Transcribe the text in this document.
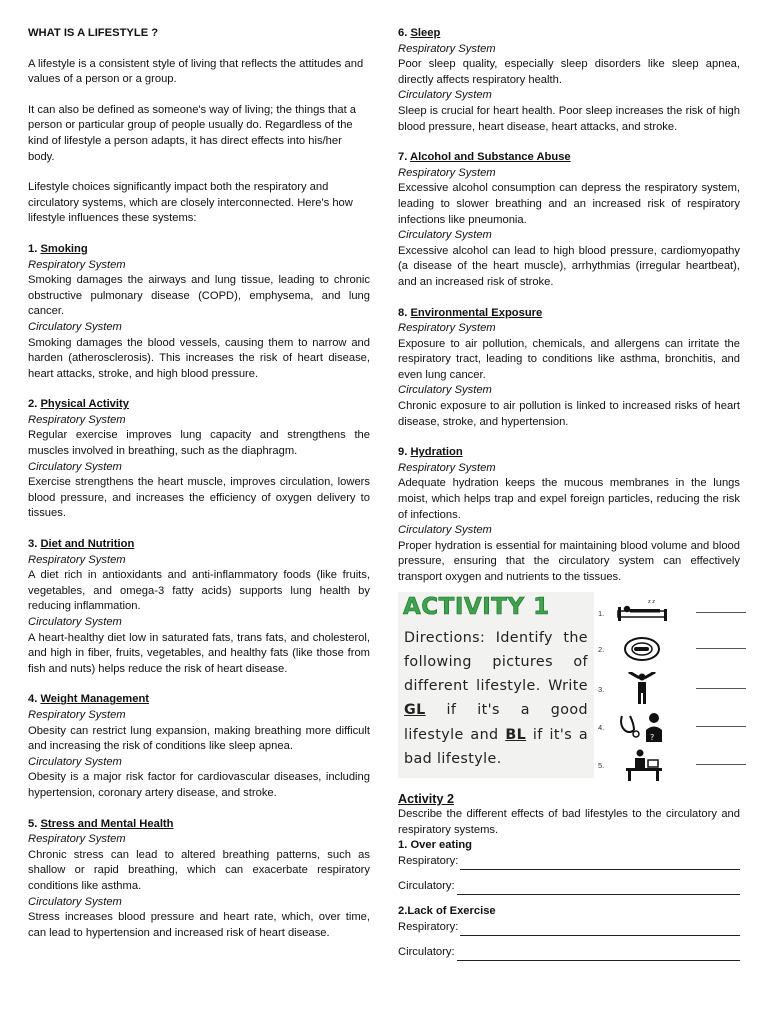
WHAT IS A LIFESTYLE ?

A lifestyle is a consistent style of living that reflects the attitudes and values of a person or a group.

It can also be defined as someone's way of living; the things that a person or particular group of people usually do. Regardless of the kind of lifestyle a person adapts, it has direct effects into his/her body.

Lifestyle choices significantly impact both the respiratory and circulatory systems, which are closely interconnected. Here's how lifestyle influences these systems:

1. Smoking

Respiratory System

Smoking damages the airways and lung tissue, leading to chronic obstructive pulmonary disease (COPD), emphysema, and lung cancer.

Circulatory System

Smoking damages the blood vessels, causing them to narrow and harden (atherosclerosis). This increases the risk of heart disease, heart attacks, stroke, and high blood pressure.

2. Physical Activity

Respiratory System

Regular exercise improves lung capacity and strengthens the muscles involved in breathing, such as the diaphragm.

Circulatory System

Exercise strengthens the heart muscle, improves circulation, lowers blood pressure, and increases the efficiency of oxygen delivery to tissues.

3. Diet and Nutrition

Respiratory System

A diet rich in antioxidants and anti-inflammatory foods (like fruits, vegetables, and omega-3 fatty acids) supports lung health by reducing inflammation.

Circulatory System

A heart-healthy diet low in saturated fats, trans fats, and cholesterol, and high in fiber, fruits, vegetables, and healthy fats (like those from fish and nuts) helps reduce the risk of heart disease.

4. Weight Management

Respiratory System

Obesity can restrict lung expansion, making breathing more difficult and increasing the risk of conditions like sleep apnea.

Circulatory System

Obesity is a major risk factor for cardiovascular diseases, including hypertension, coronary artery disease, and stroke.

5. Stress and Mental Health

Respiratory System

Chronic stress can lead to altered breathing patterns, such as shallow or rapid breathing, which can exacerbate respiratory conditions like asthma.

Circulatory System

Stress increases blood pressure and heart rate, which, over time, can lead to hypertension and increased risk of heart disease.

6. Sleep

Respiratory System

Poor sleep quality, especially sleep disorders like sleep apnea, directly affects respiratory health.

Circulatory System

Sleep is crucial for heart health. Poor sleep increases the risk of high blood pressure, heart disease, heart attacks, and stroke.

7. Alcohol and Substance Abuse

Respiratory System

Excessive alcohol consumption can depress the respiratory system, leading to slower breathing and an increased risk of respiratory infections like pneumonia.

Circulatory System

Excessive alcohol can lead to high blood pressure, cardiomyopathy (a disease of the heart muscle), arrhythmias (irregular heartbeat), and an increased risk of stroke.

8. Environmental Exposure

Respiratory System

Exposure to air pollution, chemicals, and allergens can irritate the respiratory tract, leading to conditions like asthma, bronchitis, and even lung cancer.

Circulatory System

Chronic exposure to air pollution is linked to increased risks of heart disease, stroke, and hypertension.

9. Hydration

Respiratory System

Adequate hydration keeps the mucous membranes in the lungs moist, which helps trap and expel foreign particles, reducing the risk of infections.

Circulatory System

Proper hydration is essential for maintaining blood volume and blood pressure, ensuring that the circulatory system can effectively transport oxygen and nutrients to the tissues.

ACTIVITY 1
Directions: Identify the following pictures of different lifestyle. Write GL if it's a good lifestyle and BL if it's a bad lifestyle.
1.
z z
2.
3.
4.
?
5.

Activity 2

Describe the different effects of bad lifestyles to the circulatory and respiratory systems.

1. Over eating

Respiratory:
Circulatory:

2.Lack of Exercise

Respiratory:
Circulatory:
